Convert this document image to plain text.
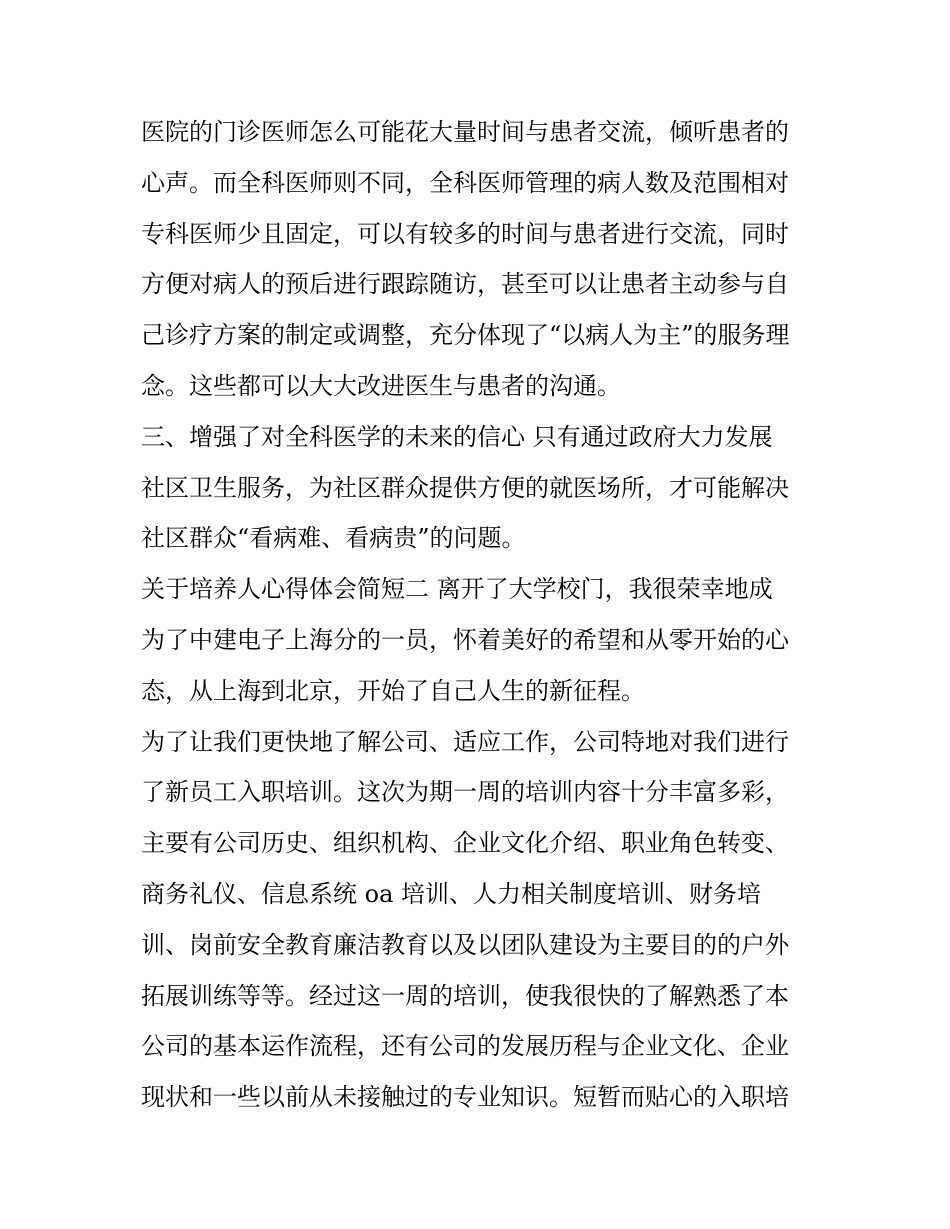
医院的门诊医师怎么可能花大量时间与患者交流，倾听患者的
心声。而全科医师则不同，全科医师管理的病人数及范围相对
专科医师少且固定，可以有较多的时间与患者进行交流，同时
方便对病人的预后进行跟踪随访，甚至可以让患者主动参与自
己诊疗方案的制定或调整，充分体现了“以病人为主”的服务理
念。这些都可以大大改进医生与患者的沟通。
三、增强了对全科医学的未来的信心 只有通过政府大力发展
社区卫生服务，为社区群众提供方便的就医场所，才可能解决
社区群众“看病难、看病贵”的问题。
关于培养人心得体会简短二 离开了大学校门，我很荣幸地成
为了中建电子上海分的一员，怀着美好的希望和从零开始的心
态，从上海到北京，开始了自己人生的新征程。
为了让我们更快地了解公司、适应工作，公司特地对我们进行
了新员工入职培训。这次为期一周的培训内容十分丰富多彩，
主要有公司历史、组织机构、企业文化介绍、职业角色转变、
商务礼仪、信息系统 oa 培训、人力相关制度培训、财务培
训、岗前安全教育廉洁教育以及以团队建设为主要目的的户外
拓展训练等等。经过这一周的培训，使我很快的了解熟悉了本
公司的基本运作流程，还有公司的发展历程与企业文化、企业
现状和一些以前从未接触过的专业知识。短暂而贴心的入职培
